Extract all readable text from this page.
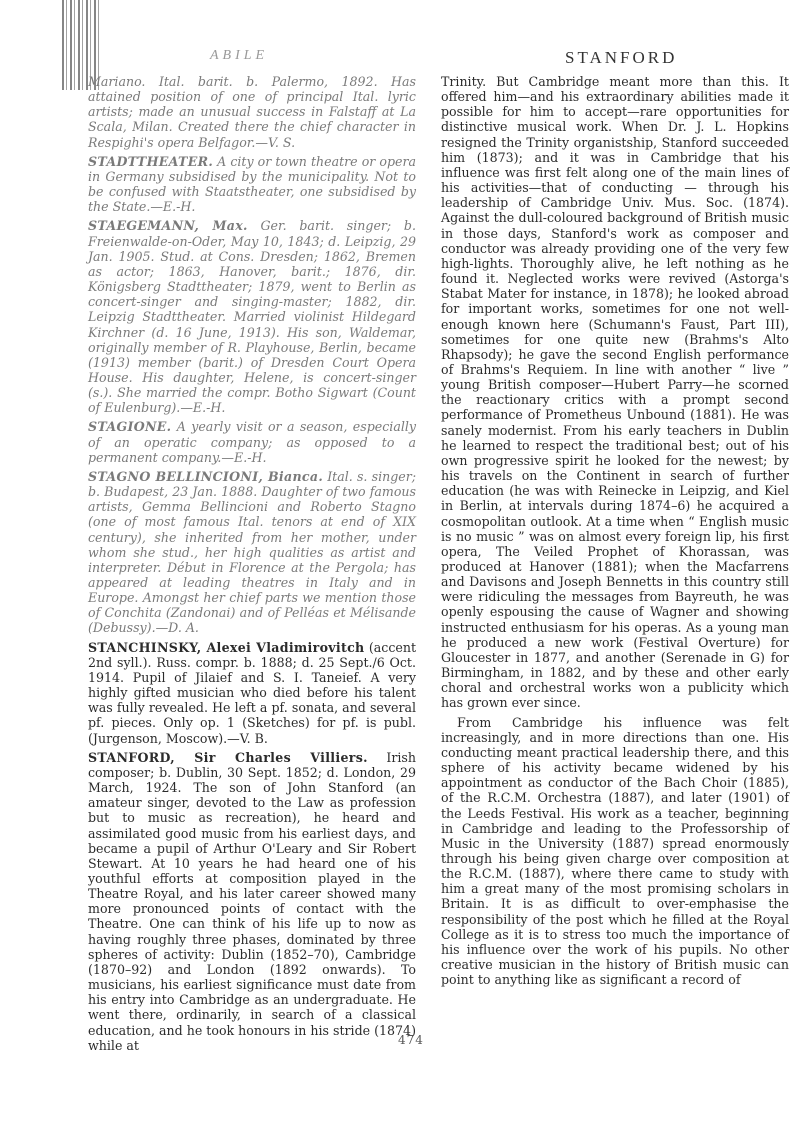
ABILE	STANFORD

Mariano. Ital. barit. b. Palermo, 1892. Has attained position of one of principal Ital. lyric artists; made an unusual success in Falstaff at La Scala, Milan. Created there the chief character in Respighi's opera Belfagor.—V. S.

STADTTHEATER. A city or town theatre or opera in Germany subsidised by the municipality. Not to be confused with Staatstheater, one subsidised by the State.—E.-H.

STAEGEMANN, Max. Ger. barit. singer; b. Freienwalde-on-Oder, May 10, 1843; d. Leipzig, 29 Jan. 1905. Stud. at Cons. Dresden; 1862, Bremen as actor; 1863, Hanover, barit.; 1876, dir. Königsberg Stadttheater; 1879, went to Berlin as concert-singer and singing-master; 1882, dir. Leipzig Stadttheater. Married violinist Hildegard Kirchner (d. 16 June, 1913). His son, Waldemar, originally member of R. Playhouse, Berlin, became (1913) member (barit.) of Dresden Court Opera House. His daughter, Helene, is concert-singer (s.). She married the compr. Botho Sigwart (Count of Eulenburg).—E.-H.

STAGIONE. A yearly visit or a season, especially of an operatic company; as opposed to a permanent company.—E.-H.

STAGNO BELLINCIONI, Bianca. Ital. s. singer; b. Budapest, 23 Jan. 1888. Daughter of two famous artists, Gemma Bellincioni and Roberto Stagno (one of most famous Ital. tenors at end of XIX century), she inherited from her mother, under whom she stud., her high qualities as artist and interpreter. Début in Florence at the Pergola; has appeared at leading theatres in Italy and in Europe. Amongst her chief parts we mention those of Conchita (Zandonai) and of Pelléas et Mélisande (Debussy).—D. A.

STANCHINSKY, Alexei Vladimirovitch (accent 2nd syll.). Russ. compr. b. 1888; d. 25 Sept./6 Oct. 1914. Pupil of Jilaief and S. I. Taneief. A very highly gifted musician who died before his talent was fully revealed. He left a pf. sonata, and several pf. pieces. Only op. 1 (Sketches) for pf. is publ. (Jurgenson, Moscow).—V. B.

STANFORD, Sir Charles Villiers. Irish composer; b. Dublin, 30 Sept. 1852; d. London, 29 March, 1924. The son of John Stanford (an amateur singer, devoted to the Law as profession but to music as recreation), he heard and assimilated good music from his earliest days, and became a pupil of Arthur O'Leary and Sir Robert Stewart. At 10 years he had heard one of his youthful efforts at composition played in the Theatre Royal, and his later career showed many more pronounced points of contact with the Theatre. One can think of his life up to now as having roughly three phases, dominated by three spheres of activity: Dublin (1852–70), Cambridge (1870–92) and London (1892 onwards). To musicians, his earliest significance must date from his entry into Cambridge as an undergraduate. He went there, ordinarily, in search of a classical education, and he took honours in his stride (1874) while at

Trinity. But Cambridge meant more than this. It offered him—and his extraordinary abilities made it possible for him to accept—rare opportunities for distinctive musical work. When Dr. J. L. Hopkins resigned the Trinity organistship, Stanford succeeded him (1873); and it was in Cambridge that his influence was first felt along one of the main lines of his activities—that of conducting — through his leadership of Cambridge Univ. Mus. Soc. (1874). Against the dull-coloured background of British music in those days, Stanford's work as composer and conductor was already providing one of the very few high-lights. Thoroughly alive, he left nothing as he found it. Neglected works were revived (Astorga's Stabat Mater for instance, in 1878); he looked abroad for important works, sometimes for one not well-enough known here (Schumann's Faust, Part III), sometimes for one quite new (Brahms's Alto Rhapsody); he gave the second English performance of Brahms's Requiem. In line with another “ live ” young British composer—Hubert Parry—he scorned the reactionary critics with a prompt second performance of Prometheus Unbound (1881). He was sanely modernist. From his early teachers in Dublin he learned to respect the traditional best; out of his own progressive spirit he looked for the newest; by his travels on the Continent in search of further education (he was with Reinecke in Leipzig, and Kiel in Berlin, at intervals during 1874–6) he acquired a cosmopolitan outlook. At a time when “ English music is no music ” was on almost every foreign lip, his first opera, The Veiled Prophet of Khorassan, was produced at Hanover (1881); when the Macfarrens and Davisons and Joseph Bennetts in this country still were ridiculing the messages from Bayreuth, he was openly espousing the cause of Wagner and showing instructed enthusiasm for his operas. As a young man he produced a new work (Festival Overture) for Gloucester in 1877, and another (Serenade in G) for Birmingham, in 1882, and by these and other early choral and orchestral works won a publicity which has grown ever since.

From Cambridge his influence was felt increasingly, and in more directions than one. His conducting meant practical leadership there, and this sphere of his activity became widened by his appointment as conductor of the Bach Choir (1885), of the R.C.M. Orchestra (1887), and later (1901) of the Leeds Festival. His work as a teacher, beginning in Cambridge and leading to the Professorship of Music in the University (1887) spread enormously through his being given charge over composition at the R.C.M. (1887), where there came to study with him a great many of the most promising scholars in Britain. It is as difficult to over-emphasise the responsibility of the post which he filled at the Royal College as it is to stress too much the importance of his influence over the work of his pupils. No other creative musician in the history of British music can point to anything like as significant a record of

474
